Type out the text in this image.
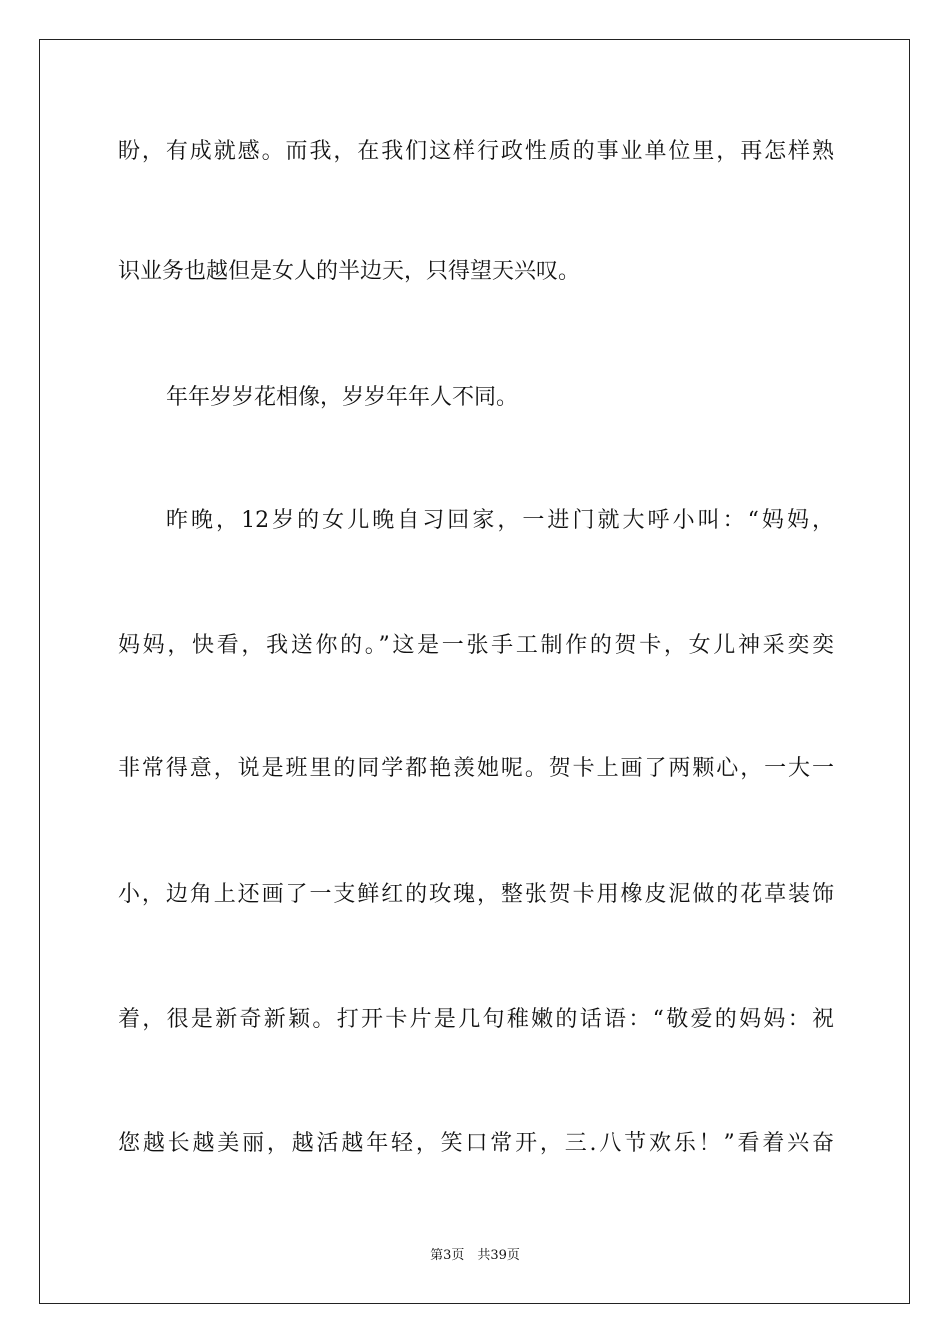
盼，有成就感。而我，在我们这样行政性质的事业单位里，再怎样熟
识业务也越但是女人的半边天，只得望天兴叹。
年年岁岁花相像，岁岁年年人不同。
昨晚，12岁的女儿晚自习回家，一进门就大呼小叫：“妈妈，
妈妈，快看，我送你的。”这是一张手工制作的贺卡，女儿神采奕奕
非常得意，说是班里的同学都艳羡她呢。贺卡上画了两颗心，一大一
小，边角上还画了一支鲜红的玫瑰，整张贺卡用橡皮泥做的花草装饰
着，很是新奇新颖。打开卡片是几句稚嫩的话语：“敬爱的妈妈：祝
您越长越美丽，越活越年轻，笑口常开，三.八节欢乐！”看着兴奋
第3页　共39页
